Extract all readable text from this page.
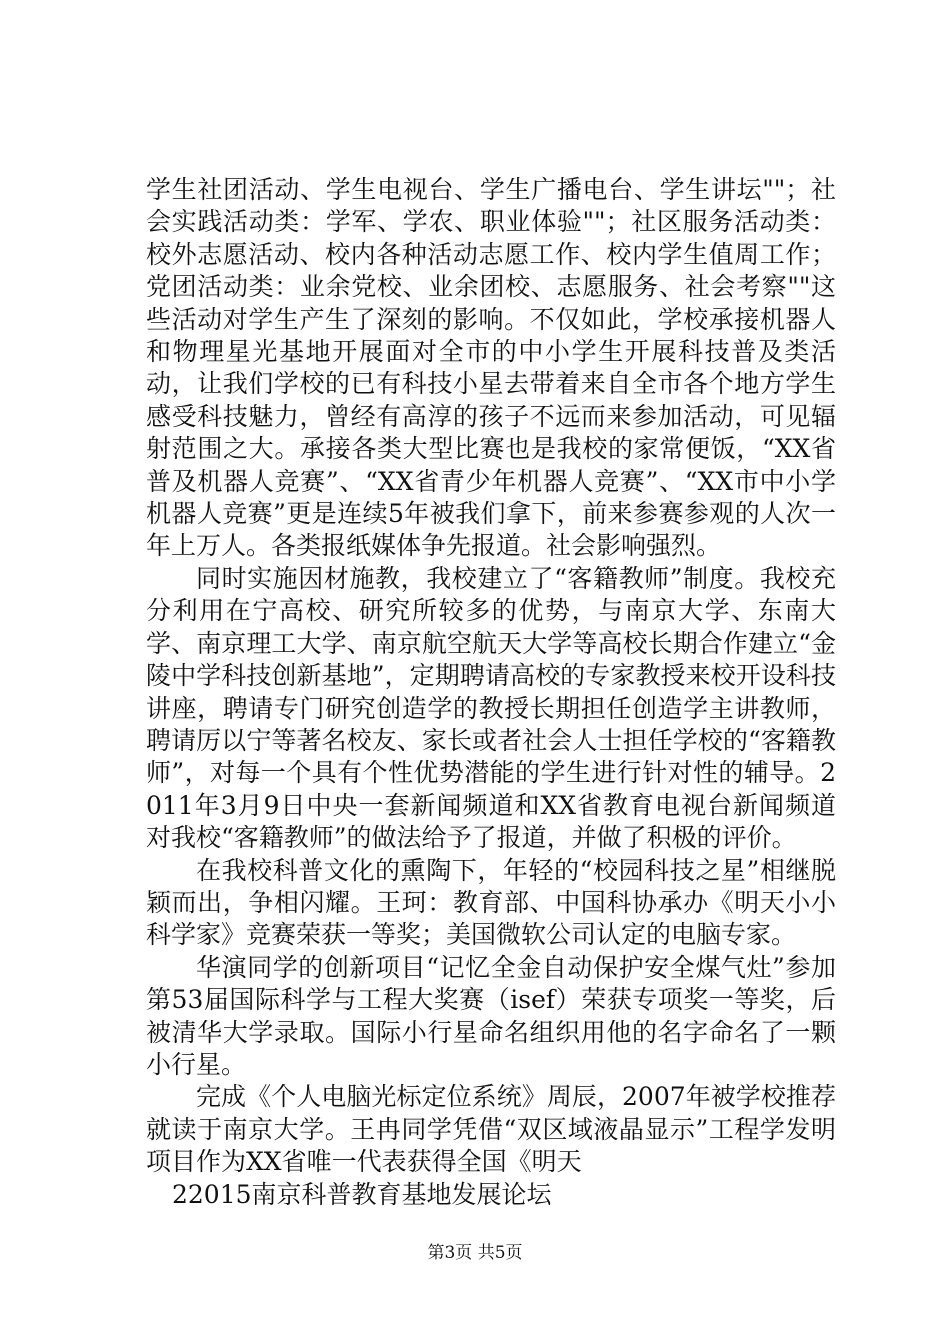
学生社团活动、学生电视台、学生广播电台、学生讲坛""；社会实践活动类：学军、学农、职业体验""；社区服务活动类：校外志愿活动、校内各种活动志愿工作、校内学生值周工作；党团活动类：业余党校、业余团校、志愿服务、社会考察""这些活动对学生产生了深刻的影响。不仅如此，学校承接机器人和物理星光基地开展面对全市的中小学生开展科技普及类活动，让我们学校的已有科技小星去带着来自全市各个地方学生感受科技魅力，曾经有高淳的孩子不远而来参加活动，可见辐射范围之大。承接各类大型比赛也是我校的家常便饭，“XX省普及机器人竞赛”、“XX省青少年机器人竞赛”、“XX市中小学机器人竞赛”更是连续5年被我们拿下，前来参赛参观的人次一年上万人。各类报纸媒体争先报道。社会影响强烈。

同时实施因材施教，我校建立了“客籍教师”制度。我校充分利用在宁高校、研究所较多的优势，与南京大学、东南大学、南京理工大学、南京航空航天大学等高校长期合作建立“金陵中学科技创新基地”，定期聘请高校的专家教授来校开设科技讲座，聘请专门研究创造学的教授长期担任创造学主讲教师，聘请厉以宁等著名校友、家长或者社会人士担任学校的“客籍教师”，对每一个具有个性优势潜能的学生进行针对性的辅导。2011年3月9日中央一套新闻频道和XX省教育电视台新闻频道对我校“客籍教师”的做法给予了报道，并做了积极的评价。

在我校科普文化的熏陶下，年轻的“校园科技之星”相继脱颖而出，争相闪耀。王珂：教育部、中国科协承办《明天小小科学家》竞赛荣获一等奖；美国微软公司认定的电脑专家。

华演同学的创新项目“记忆全金自动保护安全煤气灶”参加第53届国际科学与工程大奖赛（isef）荣获专项奖一等奖，后被清华大学录取。国际小行星命名组织用他的名字命名了一颗小行星。

完成《个人电脑光标定位系统》周辰，2007年被学校推荐就读于南京大学。王冉同学凭借“双区域液晶显示”工程学发明项目作为XX省唯一代表获得全国《明天

22015南京科普教育基地发展论坛

第3页 共5页
